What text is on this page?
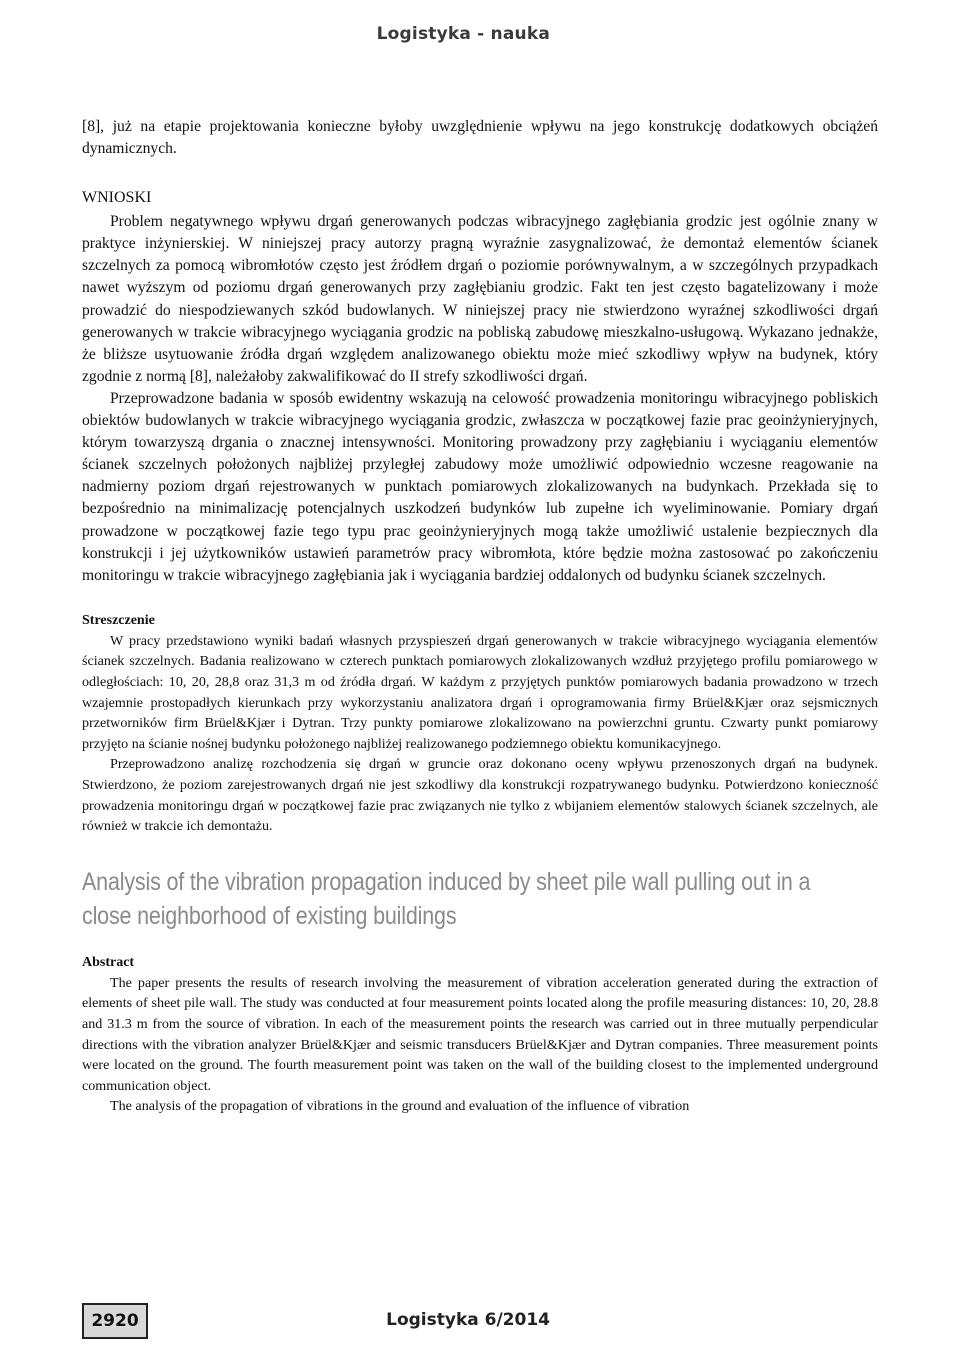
Logistyka - nauka

[8], już na etapie projektowania konieczne byłoby uwzględnienie wpływu na jego konstrukcję dodatkowych obciążeń dynamicznych.

WNIOSKI

Problem negatywnego wpływu drgań generowanych podczas wibracyjnego zagłębiania grodzic jest ogólnie znany w praktyce inżynierskiej. W niniejszej pracy autorzy pragną wyraźnie zasygnalizować, że demontaż elementów ścianek szczelnych za pomocą wibromłotów często jest źródłem drgań o poziomie porównywalnym, a w szczególnych przypadkach nawet wyższym od poziomu drgań generowanych przy zagłębianiu grodzic. Fakt ten jest często bagatelizowany i może prowadzić do niespodziewanych szkód budowlanych. W niniejszej pracy nie stwierdzono wyraźnej szkodliwości drgań generowanych w trakcie wibracyjnego wyciągania grodzic na pobliską zabudowę mieszkalno-usługową. Wykazano jednakże, że bliższe usytuowanie źródła drgań względem analizowanego obiektu może mieć szkodliwy wpływ na budynek, który zgodnie z normą [8], należałoby zakwalifikować do II strefy szkodliwości drgań.

Przeprowadzone badania w sposób ewidentny wskazują na celowość prowadzenia monitoringu wibracyjnego pobliskich obiektów budowlanych w trakcie wibracyjnego wyciągania grodzic, zwłaszcza w początkowej fazie prac geoinżynieryjnych, którym towarzyszą drgania o znacznej intensywności. Monitoring prowadzony przy zagłębianiu i wyciąganiu elementów ścianek szczelnych położonych najbliżej przyległej zabudowy może umożliwić odpowiednio wczesne reagowanie na nadmierny poziom drgań rejestrowanych w punktach pomiarowych zlokalizowanych na budynkach. Przekłada się to bezpośrednio na minimalizację potencjalnych uszkodzeń budynków lub zupełne ich wyeliminowanie. Pomiary drgań prowadzone w początkowej fazie tego typu prac geoinżynieryjnych mogą także umożliwić ustalenie bezpiecznych dla konstrukcji i jej użytkowników ustawień parametrów pracy wibromłota, które będzie można zastosować po zakończeniu monitoringu w trakcie wibracyjnego zagłębiania jak i wyciągania bardziej oddalonych od budynku ścianek szczelnych.

Streszczenie

W pracy przedstawiono wyniki badań własnych przyspieszeń drgań generowanych w trakcie wibracyjnego wyciągania elementów ścianek szczelnych. Badania realizowano w czterech punktach pomiarowych zlokalizowanych wzdłuż przyjętego profilu pomiarowego w odległościach: 10, 20, 28,8 oraz 31,3 m od źródła drgań. W każdym z przyjętych punktów pomiarowych badania prowadzono w trzech wzajemnie prostopadłych kierunkach przy wykorzystaniu analizatora drgań i oprogramowania firmy Brüel&Kjær oraz sejsmicznych przetworników firm Brüel&Kjær i Dytran. Trzy punkty pomiarowe zlokalizowano na powierzchni gruntu. Czwarty punkt pomiarowy przyjęto na ścianie nośnej budynku położonego najbliżej realizowanego podziemnego obiektu komunikacyjnego.

Przeprowadzono analizę rozchodzenia się drgań w gruncie oraz dokonano oceny wpływu przenoszonych drgań na budynek. Stwierdzono, że poziom zarejestrowanych drgań nie jest szkodliwy dla konstrukcji rozpatrywanego budynku. Potwierdzono konieczność prowadzenia monitoringu drgań w początkowej fazie prac związanych nie tylko z wbijaniem elementów stalowych ścianek szczelnych, ale również w trakcie ich demontażu.

Analysis of the vibration propagation induced by sheet pile wall pulling out in a close neighborhood of existing buildings
Abstract

The paper presents the results of research involving the measurement of vibration acceleration generated during the extraction of elements of sheet pile wall. The study was conducted at four measurement points located along the profile measuring distances: 10, 20, 28.8 and 31.3 m from the source of vibration. In each of the measurement points the research was carried out in three mutually perpendicular directions with the vibration analyzer Brüel&Kjær and seismic transducers Brüel&Kjær and Dytran companies. Three measurement points were located on the ground. The fourth measurement point was taken on the wall of the building closest to the implemented underground communication object.

The analysis of the propagation of vibrations in the ground and evaluation of the influence of vibration

2920	Logistyka 6/2014
